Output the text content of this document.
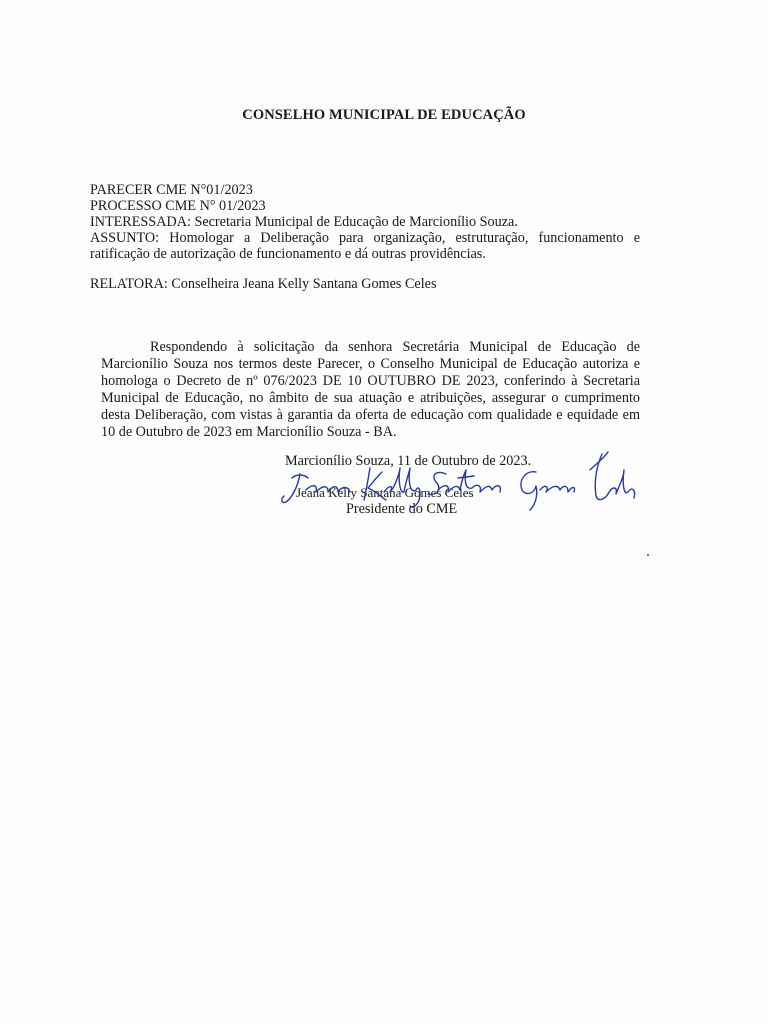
CONSELHO MUNICIPAL DE EDUCAÇÃO
PARECER CME N°01/2023
PROCESSO CME N° 01/2023
INTERESSADA: Secretaria Municipal de Educação de Marcionílio Souza.
ASSUNTO: Homologar a Deliberação para organização, estruturação, funcionamento e ratificação de autorização de funcionamento e dá outras providências.
RELATORA: Conselheira Jeana Kelly Santana Gomes Celes
Respondendo à solicitação da senhora Secretária Municipal de Educação de Marcionílio Souza nos termos deste Parecer, o Conselho Municipal de Educação autoriza e homologa o Decreto de nº 076/2023 DE 10 OUTUBRO DE 2023, conferindo à Secretaria Municipal de Educação, no âmbito de sua atuação e atribuições, assegurar o cumprimento desta Deliberação, com vistas à garantia da oferta de educação com qualidade e equidade em 10 de Outubro de 2023 em Marcionílio Souza - BA.
Marcionílio Souza, 11 de Outubro de 2023.
Jeana Kelly Santana Gomes Celes
Presidente do CME
